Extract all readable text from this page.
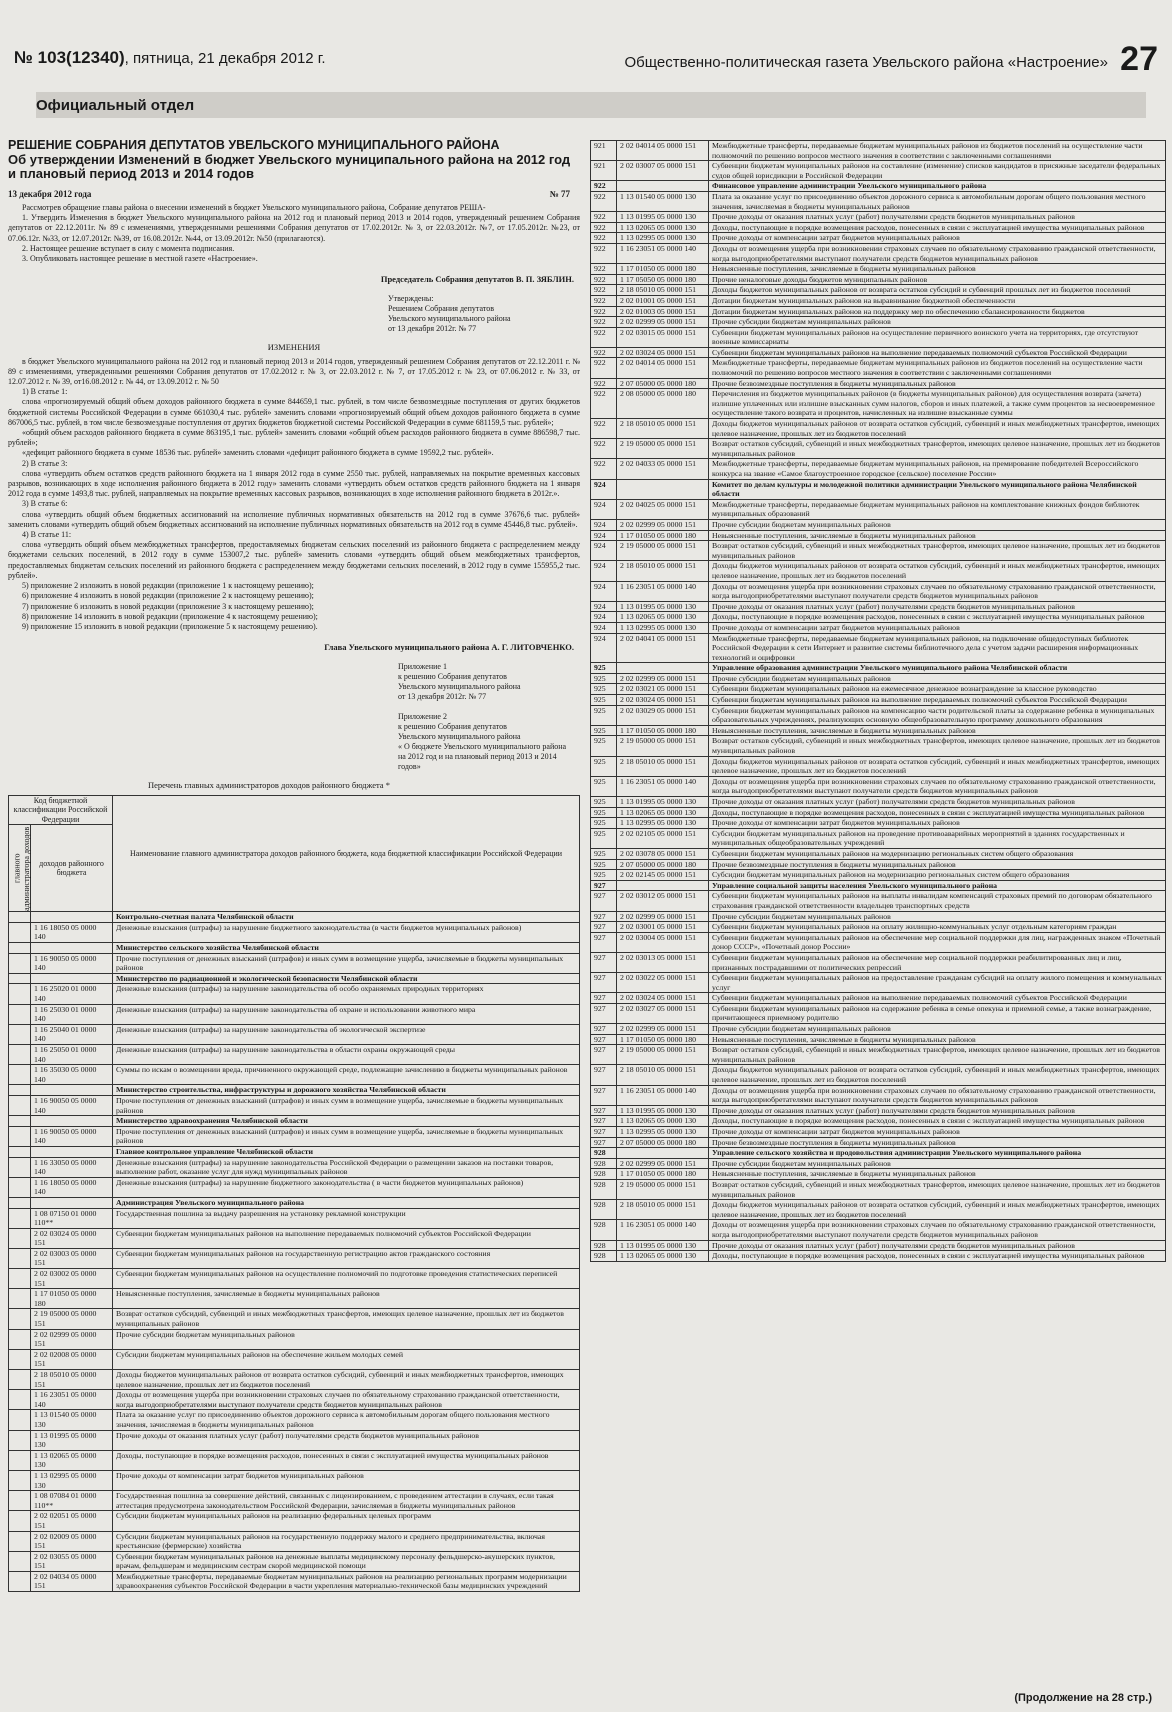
№ 103(12340), пятница, 21 декабря 2012 г.	Общественно-политическая газета Увельского района «Настроение» 27
Официальный отдел
РЕШЕНИЕ СОБРАНИЯ ДЕПУТАТОВ УВЕЛЬСКОГО МУНИЦИПАЛЬНОГО РАЙОНА
Об утверждении Изменений в бюджет Увельского муниципального района на 2012 год и плановый период 2013 и 2014 годов
13 декабря 2012 года	№ 77

Рассмотрев обращение главы района о внесении изменений в бюджет Увельского муниципального района, Собрание депутатов РЕША-

1. Утвердить Изменения в бюджет Увельского муниципального района на 2012 год и плановый период 2013 и 2014 годов, утвержденный решением Собрания депутатов от 22.12.2011г. № 89 с изменениями, утвержденными решениями Собрания депутатов от 17.02.2012г. № 3, от 22.03.2012г. №7, от 17.05.2012г. №23, от 07.06.12г. №33, от 12.07.2012г. №39, от 16.08.2012г. №44, от 13.09.2012г. №50 (прилагаются).

2. Настоящее решение вступает в силу с момента подписания.

3. Опубликовать настоящее решение в местной газете «Настроение».

Председатель Собрания депутатов В. П. ЗЯБЛИН.
Утверждены:
Решением Собрания депутатов
Увельского муниципального района
от 13 декабря 2012г. № 77
ИЗМЕНЕНИЯ

в бюджет Увельского муниципального района на 2012 год и плановый период 2013 и 2014 годов, утвержденный решением Собрания депутатов от 22.12.2011 г. № 89 с изменениями, утвержденными решениями Собрания депутатов от 17.02.2012 г. № 3, от 22.03.2012 г. № 7, от 17.05.2012 г. № 23, от 07.06.2012 г. № 33, от 12.07.2012 г. № 39, от16.08.2012 г. № 44, от 13.09.2012 г. № 50

1) В статье 1:

слова «прогнозируемый общий объем доходов районного бюджета в сумме 844659,1 тыс. рублей, в том числе безвозмездные поступления от других бюджетов бюджетной системы Российской Федерации в сумме 661030,4 тыс. рублей» заменить словами «прогнозируемый общий объем доходов районного бюджета в сумме 867006,5 тыс. рублей, в том числе безвозмездные поступления от других бюджетов бюджетной системы Российской Федерации в сумме 681159,5 тыс. рублей»;

«общий объем расходов районного бюджета в сумме 863195,1 тыс. рублей» заменить словами «общий объем расходов районного бюджета в сумме 886598,7 тыс. рублей»;

«дефицит районного бюджета в сумме 18536 тыс. рублей» заменить словами «дефицит районного бюджета в сумме 19592,2 тыс. рублей».

2) В статье 3:

слова «утвердить объем остатков средств районного бюджета на 1 января 2012 года в сумме 2550 тыс. рублей, направляемых на покрытие временных кассовых разрывов, возникающих в ходе исполнения районного бюджета в 2012 году» заменить словами «утвердить объем остатков средств районного бюджета на 1 января 2012 года в сумме 1493,8 тыс. рублей, направляемых на покрытие временных кассовых разрывов, возникающих в ходе исполнения районного бюджета в 2012г.».

3) В статье 6:

слова «утвердить общий объем бюджетных ассигнований на исполнение публичных нормативных обязательств на 2012 год в сумме 37676,6 тыс. рублей» заменить словами «утвердить общий объем бюджетных ассигнований на исполнение публичных нормативных обязательств на 2012 год в сумме 45446,8 тыс. рублей».

4) В статье 11:

слова «утвердить общий объем межбюджетных трансфертов, предоставляемых бюджетам сельских поселений из районного бюджета с распределением между бюджетами сельских поселений, в 2012 году в сумме 153007,2 тыс. рублей» заменить словами «утвердить общий объем межбюджетных трансфертов, предоставляемых бюджетам сельских поселений из районного бюджета с распределением между бюджетами сельских поселений, в 2012 году в сумме 155955,2 тыс. рублей».

5) приложение 2 изложить в новой редакции (приложение 1 к настоящему решению);

6) приложение 4 изложить в новой редакции (приложение 2 к настоящему решению);

7) приложение 6 изложить в новой редакции (приложение 3 к настоящему решению);

8) приложение 14 изложить в новой редакции (приложение 4 к настоящему решению);

9) приложение 15 изложить в новой редакции (приложение 5 к настоящему решению).

Глава Увельского муниципального района А. Г. ЛИТОВЧЕНКО.
Приложение 1
к решению Собрания депутатов
Увельского муниципального района
от 13 декабря 2012г. № 77
Приложение 2
к решению Собрания депутатов
Увельского муниципального района
« О бюджете Увельского муниципального района
на 2012 год и на плановый период 2013 и 2014 годов»
Перечень главных администраторов доходов районного бюджета *
Код бюджетной классификации Российской Федерации		Наименование главного администратора доходов районного бюджета, кода бюджетной классификации Российской Федерации
главного администратора доходов	доходов районного бюджета	
		Контрольно-счетная палата Челябинской области
	1 16 18050 05 0000 140	Денежные взыскания (штрафы) за нарушение бюджетного законодательства (в части бюджетов муниципальных районов)
		Министерство сельского хозяйства Челябинской области
	1 16 90050 05 0000 140	Прочие поступления от денежных взысканий (штрафов) и иных сумм в возмещение ущерба, зачисляемые в бюджеты муниципальных районов
		Министерство по радиационной и экологической безопасности Челябинской области
	1 16 25020 01 0000 140	Денежные взыскания (штрафы) за нарушение законодательства об особо охраняемых природных территориях
	1 16 25030 01 0000 140	Денежные взыскания (штрафы) за нарушение законодательства об охране и использовании животного мира
	1 16 25040 01 0000 140	Денежные взыскания (штрафы) за нарушение законодательства об экологической экспертизе
	1 16 25050 01 0000 140	Денежные взыскания (штрафы) за нарушение законодательства в области охраны окружающей среды
	1 16 35030 05 0000 140	Суммы по искам о возмещении вреда, причиненного окружающей среде, подлежащие зачислению в бюджеты муниципальных районов
		Министерство строительства, инфраструктуры и дорожного хозяйства Челябинской области
	1 16 90050 05 0000 140	Прочие поступления от денежных взысканий (штрафов) и иных сумм в возмещение ущерба, зачисляемые в бюджеты муниципальных районов
		Министерство здравоохранения Челябинской области
	1 16 90050 05 0000 140	Прочие поступления от денежных взысканий (штрафов) и иных сумм в возмещение ущерба, зачисляемые в бюджеты муниципальных районов
		Главное контрольное управление Челябинской области
	1 16 33050 05 0000 140	Денежные взыскания (штрафы) за нарушение законодательства Российской Федерации о размещении заказов на поставки товаров, выполнение работ, оказание услуг для нужд муниципальных районов
	1 16 18050 05 0000 140	Денежные взыскания (штрафы) за нарушение бюджетного законодательства ( в части бюджетов муниципальных районов)
		Администрация Увельского муниципального района
	1 08 07150 01 0000 110**	Государственная пошлина за выдачу разрешения на установку рекламной конструкции
	2 02 03024 05 0000 151	Субвенции бюджетам муниципальных районов на выполнение передаваемых полномочий субъектов Российской Федерации
	2 02 03003 05 0000 151	Субвенции бюджетам муниципальных районов на государственную регистрацию актов гражданского состояния
	2 02 03002 05 0000 151	Субвенции бюджетам муниципальных районов на осуществление полномочий по подготовке проведения статистических переписей
	1 17 01050 05 0000 180	Невыясненные поступления, зачисляемые в бюджеты муниципальных районов
	2 19 05000 05 0000 151	Возврат остатков субсидий, субвенций и иных межбюджетных трансфертов, имеющих целевое назначение, прошлых лет из бюджетов муниципальных районов
	2 02 02999 05 0000 151	Прочие субсидии бюджетам муниципальных районов
	2 02 02008 05 0000 151	Субсидии бюджетам муниципальных районов на обеспечение жильем молодых семей
	2 18 05010 05 0000 151	Доходы бюджетов муниципальных районов от возврата остатков субсидий, субвенций и иных межбюджетных трансфертов, имеющих целевое назначение, прошлых лет из бюджетов поселений
	1 16 23051 05 0000 140	Доходы от возмещения ущерба при возникновении страховых случаев по обязательному страхованию гражданской ответственности, когда выгодоприобретателями выступают получатели средств бюджетов муниципальных районов
	1 13 01540 05 0000 130	Плата за оказание услуг по присоединению объектов дорожного сервиса к автомобильным дорогам общего пользования местного значения, зачисляемая в бюджеты муниципальных районов
	1 13 01995 05 0000 130	Прочие доходы от оказания платных услуг (работ) получателями средств бюджетов муниципальных районов
	1 13 02065 05 0000 130	Доходы, поступающие в порядке возмещения расходов, понесенных в связи с эксплуатацией имущества муниципальных районов
	1 13 02995 05 0000 130	Прочие доходы от компенсации затрат бюджетов муниципальных районов
	1 08 07084 01 0000 110**	Государственная пошлина за совершение действий, связанных с лицензированием, с проведением аттестации в случаях, если такая аттестация предусмотрена законодательством Российской Федерации, зачисляемая в бюджеты муниципальных районов
	2 02 02051 05 0000 151	Субсидии бюджетам муниципальных районов на реализацию федеральных целевых программ
	2 02 02009 05 0000 151	Субсидии бюджетам муниципальных районов на государственную поддержку малого и среднего предпринимательства, включая крестьянские (фермерские) хозяйства
	2 02 03055 05 0000 151	Субвенции бюджетам муниципальных районов на денежные выплаты медицинскому персоналу фельдшерско-акушерских пунктов, врачам, фельдшерам и медицинским сестрам скорой медицинской помощи
	2 02 04034 05 0000 151	Межбюджетные трансферты, передаваемые бюджетам муниципальных районов на реализацию региональных программ модернизации здравоохранения субъектов Российской Федерации в части укрепления материально-технической базы медицинских учреждений
921	2 02 04014 05 0000 151	Межбюджетные трансферты, передаваемые бюджетам муниципальных районов из бюджетов поселений на осуществление части полномочий по решению вопросов местного значения в соответствии с заключенными соглашениями
921	2 02 03007 05 0000 151	Субвенции бюджетам муниципальных районов на составление (изменение) списков кандидатов в присяжные заседатели федеральных судов общей юрисдикции в Российской Федерации
922		Финансовое управление администрации Увельского муниципального района
922	1 13 01540 05 0000 130	Плата за оказание услуг по присоединению объектов дорожного сервиса к автомобильным дорогам общего пользования местного значения, зачисляемая в бюджеты муниципальных районов
922	1 13 01995 05 0000 130	Прочие доходы от оказания платных услуг (работ) получателями средств бюджетов муниципальных районов
922	1 13 02065 05 0000 130	Доходы, поступающие в порядке возмещения расходов, понесенных в связи с эксплуатацией имущества муниципальных районов
922	1 13 02995 05 0000 130	Прочие доходы от компенсации затрат бюджетов муниципальных районов
922	1 16 23051 05 0000 140	Доходы от возмещения ущерба при возникновении страховых случаев по обязательному страхованию гражданской ответственности, когда выгодоприобретателями выступают получатели средств бюджетов муниципальных районов
922	1 17 01050 05 0000 180	Невыясненные поступления, зачисляемые в бюджеты муниципальных районов
922	1 17 05050 05 0000 180	Прочие неналоговые доходы бюджетов муниципальных районов
922	2 18 05010 05 0000 151	Доходы бюджетов муниципальных районов от возврата остатков субсидий и субвенций прошлых лет из бюджетов поселений
922	2 02 01001 05 0000 151	Дотации бюджетам муниципальных районов на выравнивание бюджетной обеспеченности
922	2 02 01003 05 0000 151	Дотации бюджетам муниципальных районов на поддержку мер по обеспечению сбалансированности бюджетов
922	2 02 02999 05 0000 151	Прочие субсидии бюджетам муниципальных районов
922	2 02 03015 05 0000 151	Субвенции бюджетам муниципальных районов на осуществление первичного воинского учета на территориях, где отсутствуют военные комиссариаты
922	2 02 03024 05 0000 151	Субвенции бюджетам муниципальных районов на выполнение передаваемых полномочий субъектов Российской Федерации
922	2 02 04014 05 0000 151	Межбюджетные трансферты, передаваемые бюджетам муниципальных районов из бюджетов поселений на осуществление части полномочий по решению вопросов местного значения в соответствии с заключенными соглашениями
922	2 07 05000 05 0000 180	Прочие безвозмездные поступления в бюджеты муниципальных районов
922	2 08 05000 05 0000 180	Перечисления из бюджетов муниципальных районов (в бюджеты муниципальных районов) для осуществления возврата (зачета) излишне уплаченных или излишне взысканных сумм налогов, сборов и иных платежей, а также сумм процентов за несвоевременное осуществление такого возврата и процентов, начисленных на излишне взысканные суммы
922	2 18 05010 05 0000 151	Доходы бюджетов муниципальных районов от возврата остатков субсидий, субвенций и иных межбюджетных трансфертов, имеющих целевое назначение, прошлых лет из бюджетов поселений
922	2 19 05000 05 0000 151	Возврат остатков субсидий, субвенций и иных межбюджетных трансфертов, имеющих целевое назначение, прошлых лет из бюджетов муниципальных районов
922	2 02 04033 05 0000 151	Межбюджетные трансферты, передаваемые бюджетам муниципальных районов, на премирование победителей Всероссийского конкурса на звание «Самое благоустроенное городское (сельское) поселение России»
924		Комитет по делам культуры и молодежной политики администрации Увельского муниципального района Челябинской области
924	2 02 04025 05 0000 151	Межбюджетные трансферты, передаваемые бюджетам муниципальных районов на комплектование книжных фондов библиотек муниципальных образований
924	2 02 02999 05 0000 151	Прочие субсидии бюджетам муниципальных районов
924	1 17 01050 05 0000 180	Невыясненные поступления, зачисляемые в бюджеты муниципальных районов
924	2 19 05000 05 0000 151	Возврат остатков субсидий, субвенций и иных межбюджетных трансфертов, имеющих целевое назначение, прошлых лет из бюджетов муниципальных районов
924	2 18 05010 05 0000 151	Доходы бюджетов муниципальных районов от возврата остатков субсидий, субвенций и иных межбюджетных трансфертов, имеющих целевое назначение, прошлых лет из бюджетов поселений
924	1 16 23051 05 0000 140	Доходы от возмещения ущерба при возникновении страховых случаев по обязательному страхованию гражданской ответственности, когда выгодоприобретателями выступают получатели средств бюджетов муниципальных районов
924	1 13 01995 05 0000 130	Прочие доходы от оказания платных услуг (работ) получателями средств бюджетов муниципальных районов
924	1 13 02065 05 0000 130	Доходы, поступающие в порядке возмещения расходов, понесенных в связи с эксплуатацией имущества муниципальных районов
924	1 13 02995 05 0000 130	Прочие доходы от компенсации затрат бюджетов муниципальных районов
924	2 02 04041 05 0000 151	Межбюджетные трансферты, передаваемые бюджетам муниципальных районов, на подключение общедоступных библиотек Российской Федерации к сети Интернет и развитие системы библиотечного дела с учетом задачи расширения информационных технологий и оцифровки
925		Управление образования администрации Увельского муниципального района Челябинской области
925	2 02 02999 05 0000 151	Прочие субсидии бюджетам муниципальных районов
925	2 02 03021 05 0000 151	Субвенции бюджетам муниципальных районов на ежемесячное денежное вознаграждение за классное руководство
925	2 02 03024 05 0000 151	Субвенции бюджетам муниципальных районов на выполнение передаваемых полномочий субъектов Российской Федерации
925	2 02 03029 05 0000 151	Субвенции бюджетам муниципальных районов на компенсацию части родительской платы за содержание ребенка в муниципальных образовательных учреждениях, реализующих основную общеобразовательную программу дошкольного образования
925	1 17 01050 05 0000 180	Невыясненные поступления, зачисляемые в бюджеты муниципальных районов
925	2 19 05000 05 0000 151	Возврат остатков субсидий, субвенций и иных межбюджетных трансфертов, имеющих целевое назначение, прошлых лет из бюджетов муниципальных районов
925	2 18 05010 05 0000 151	Доходы бюджетов муниципальных районов от возврата остатков субсидий, субвенций и иных межбюджетных трансфертов, имеющих целевое назначение, прошлых лет из бюджетов поселений
925	1 16 23051 05 0000 140	Доходы от возмещения ущерба при возникновении страховых случаев по обязательному страхованию гражданской ответственности, когда выгодоприобретателями выступают получатели средств бюджетов муниципальных районов
925	1 13 01995 05 0000 130	Прочие доходы от оказания платных услуг (работ) получателями средств бюджетов муниципальных районов
925	1 13 02065 05 0000 130	Доходы, поступающие в порядке возмещения расходов, понесенных в связи с эксплуатацией имущества муниципальных районов
925	1 13 02995 05 0000 130	Прочие доходы от компенсации затрат бюджетов муниципальных районов
925	2 02 02105 05 0000 151	Субсидии бюджетам муниципальных районов на проведение противоаварийных мероприятий в зданиях государственных и муниципальных общеобразовательных учреждений
925	2 02 03078 05 0000 151	Субвенции бюджетам муниципальных районов на модернизацию региональных систем общего образования
925	2 07 05000 05 0000 180	Прочие безвозмездные поступления в бюджеты муниципальных районов
925	2 02 02145 05 0000 151	Субсидии бюджетам муниципальных районов на модернизацию региональных систем общего образования
927		Управление социальной защиты населения Увельского муниципального района
927	2 02 03012 05 0000 151	Субвенции бюджетам муниципальных районов на выплаты инвалидам компенсаций страховых премий по договорам обязательного страхования гражданской ответственности владельцев транспортных средств
927	2 02 02999 05 0000 151	Прочие субсидии бюджетам муниципальных районов
927	2 02 03001 05 0000 151	Субвенции бюджетам муниципальных районов на оплату жилищно-коммунальных услуг отдельным категориям граждан
927	2 02 03004 05 0000 151	Субвенции бюджетам муниципальных районов на обеспечение мер социальной поддержки для лиц, награжденных знаком «Почетный донор СССР», «Почетный донор России»
927	2 02 03013 05 0000 151	Субвенции бюджетам муниципальных районов на обеспечение мер социальной поддержки реабилитированных лиц и лиц, признанных пострадавшими от политических репрессий
927	2 02 03022 05 0000 151	Субвенции бюджетам муниципальных районов на предоставление гражданам субсидий на оплату жилого помещения и коммунальных услуг
927	2 02 03024 05 0000 151	Субвенции бюджетам муниципальных районов на выполнение передаваемых полномочий субъектов Российской Федерации
927	2 02 03027 05 0000 151	Субвенции бюджетам муниципальных районов на содержание ребенка в семье опекуна и приемной семье, а также вознаграждение, причитающееся приемному родителю
927	2 02 02999 05 0000 151	Прочие субсидии бюджетам муниципальных районов
927	1 17 01050 05 0000 180	Невыясненные поступления, зачисляемые в бюджеты муниципальных районов
927	2 19 05000 05 0000 151	Возврат остатков субсидий, субвенций и иных межбюджетных трансфертов, имеющих целевое назначение, прошлых лет из бюджетов муниципальных районов
927	2 18 05010 05 0000 151	Доходы бюджетов муниципальных районов от возврата остатков субсидий, субвенций и иных межбюджетных трансфертов, имеющих целевое назначение, прошлых лет из бюджетов поселений
927	1 16 23051 05 0000 140	Доходы от возмещения ущерба при возникновении страховых случаев по обязательному страхованию гражданской ответственности, когда выгодоприобретателями выступают получатели средств бюджетов муниципальных районов
927	1 13 01995 05 0000 130	Прочие доходы от оказания платных услуг (работ) получателями средств бюджетов муниципальных районов
927	1 13 02065 05 0000 130	Доходы, поступающие в порядке возмещения расходов, понесенных в связи с эксплуатацией имущества муниципальных районов
927	1 13 02995 05 0000 130	Прочие доходы от компенсации затрат бюджетов муниципальных районов
927	2 07 05000 05 0000 180	Прочие безвозмездные поступления в бюджеты муниципальных районов
928		Управление сельского хозяйства и продовольствия администрации Увельского муниципального района
928	2 02 02999 05 0000 151	Прочие субсидии бюджетам муниципальных районов
928	1 17 01050 05 0000 180	Невыясненные поступления, зачисляемые в бюджеты муниципальных районов
928	2 19 05000 05 0000 151	Возврат остатков субсидий, субвенций и иных межбюджетных трансфертов, имеющих целевое назначение, прошлых лет из бюджетов муниципальных районов
928	2 18 05010 05 0000 151	Доходы бюджетов муниципальных районов от возврата остатков субсидий, субвенций и иных межбюджетных трансфертов, имеющих целевое назначение, прошлых лет из бюджетов поселений
928	1 16 23051 05 0000 140	Доходы от возмещения ущерба при возникновении страховых случаев по обязательному страхованию гражданской ответственности, когда выгодоприобретателями выступают получатели средств бюджетов муниципальных районов
928	1 13 01995 05 0000 130	Прочие доходы от оказания платных услуг (работ) получателями средств бюджетов муниципальных районов
928	1 13 02065 05 0000 130	Доходы, поступающие в порядке возмещения расходов, понесенных в связи с эксплуатацией имущества муниципальных районов
(Продолжение на 28 стр.)
